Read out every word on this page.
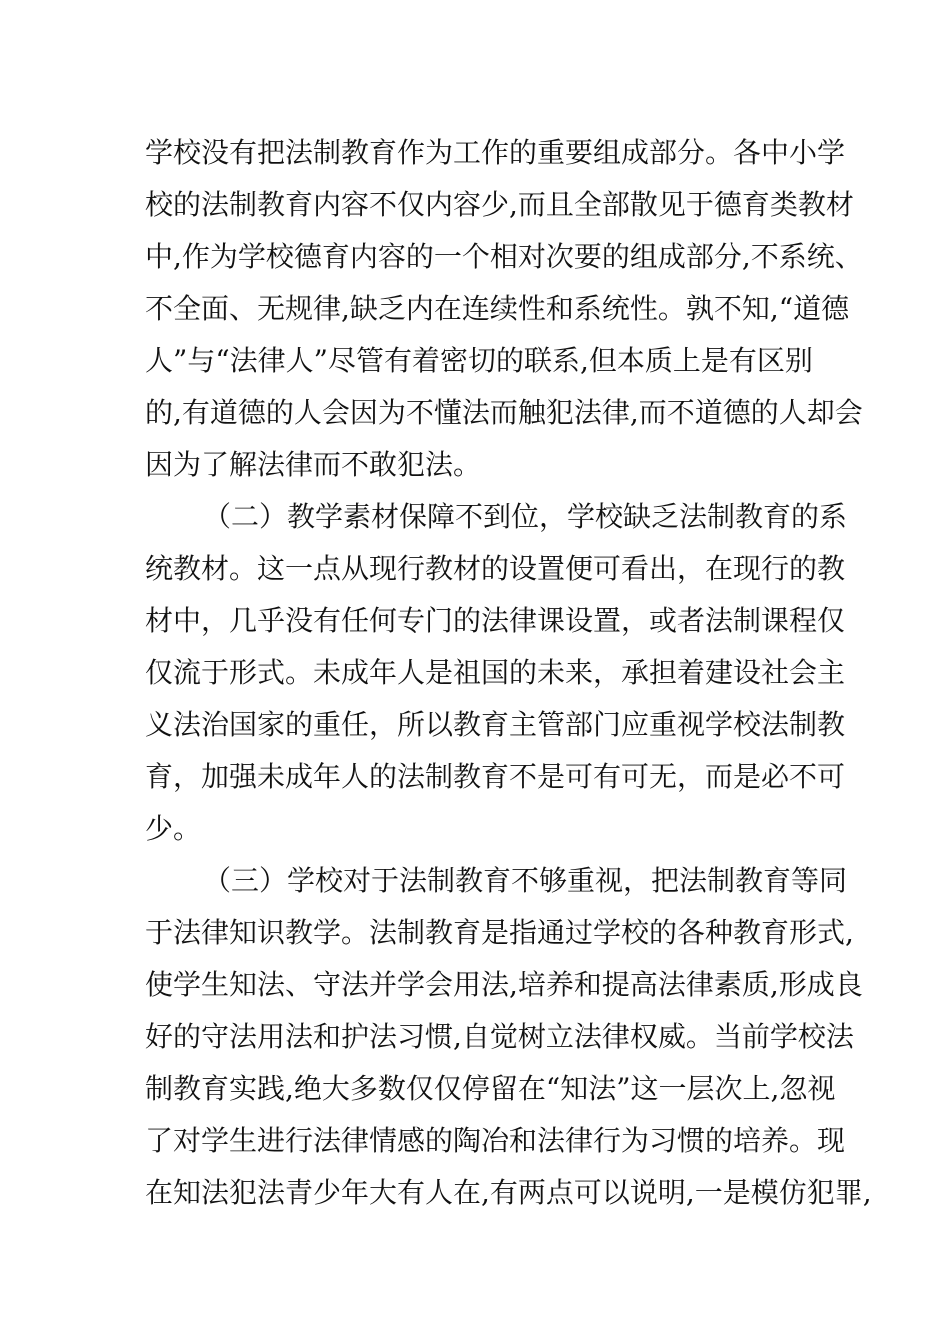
学校没有把法制教育作为工作的重要组成部分。各中小学
校的法制教育内容不仅内容少,而且全部散见于德育类教材
中,作为学校德育内容的一个相对次要的组成部分,不系统、
不全面、无规律,缺乏内在连续性和系统性。孰不知,“道德
人”与“法律人”尽管有着密切的联系,但本质上是有区别
的,有道德的人会因为不懂法而触犯法律,而不道德的人却会
因为了解法律而不敢犯法。
（二）教学素材保障不到位，学校缺乏法制教育的系
统教材。这一点从现行教材的设置便可看出，在现行的教
材中，几乎没有任何专门的法律课设置，或者法制课程仅
仅流于形式。未成年人是祖国的未来，承担着建设社会主
义法治国家的重任，所以教育主管部门应重视学校法制教
育，加强未成年人的法制教育不是可有可无，而是必不可
少。
（三）学校对于法制教育不够重视，把法制教育等同
于法律知识教学。法制教育是指通过学校的各种教育形式,
使学生知法、守法并学会用法,培养和提高法律素质,形成良
好的守法用法和护法习惯,自觉树立法律权威。当前学校法
制教育实践,绝大多数仅仅停留在“知法”这一层次上,忽视
了对学生进行法律情感的陶冶和法律行为习惯的培养。现
在知法犯法青少年大有人在,有两点可以说明,一是模仿犯罪,
